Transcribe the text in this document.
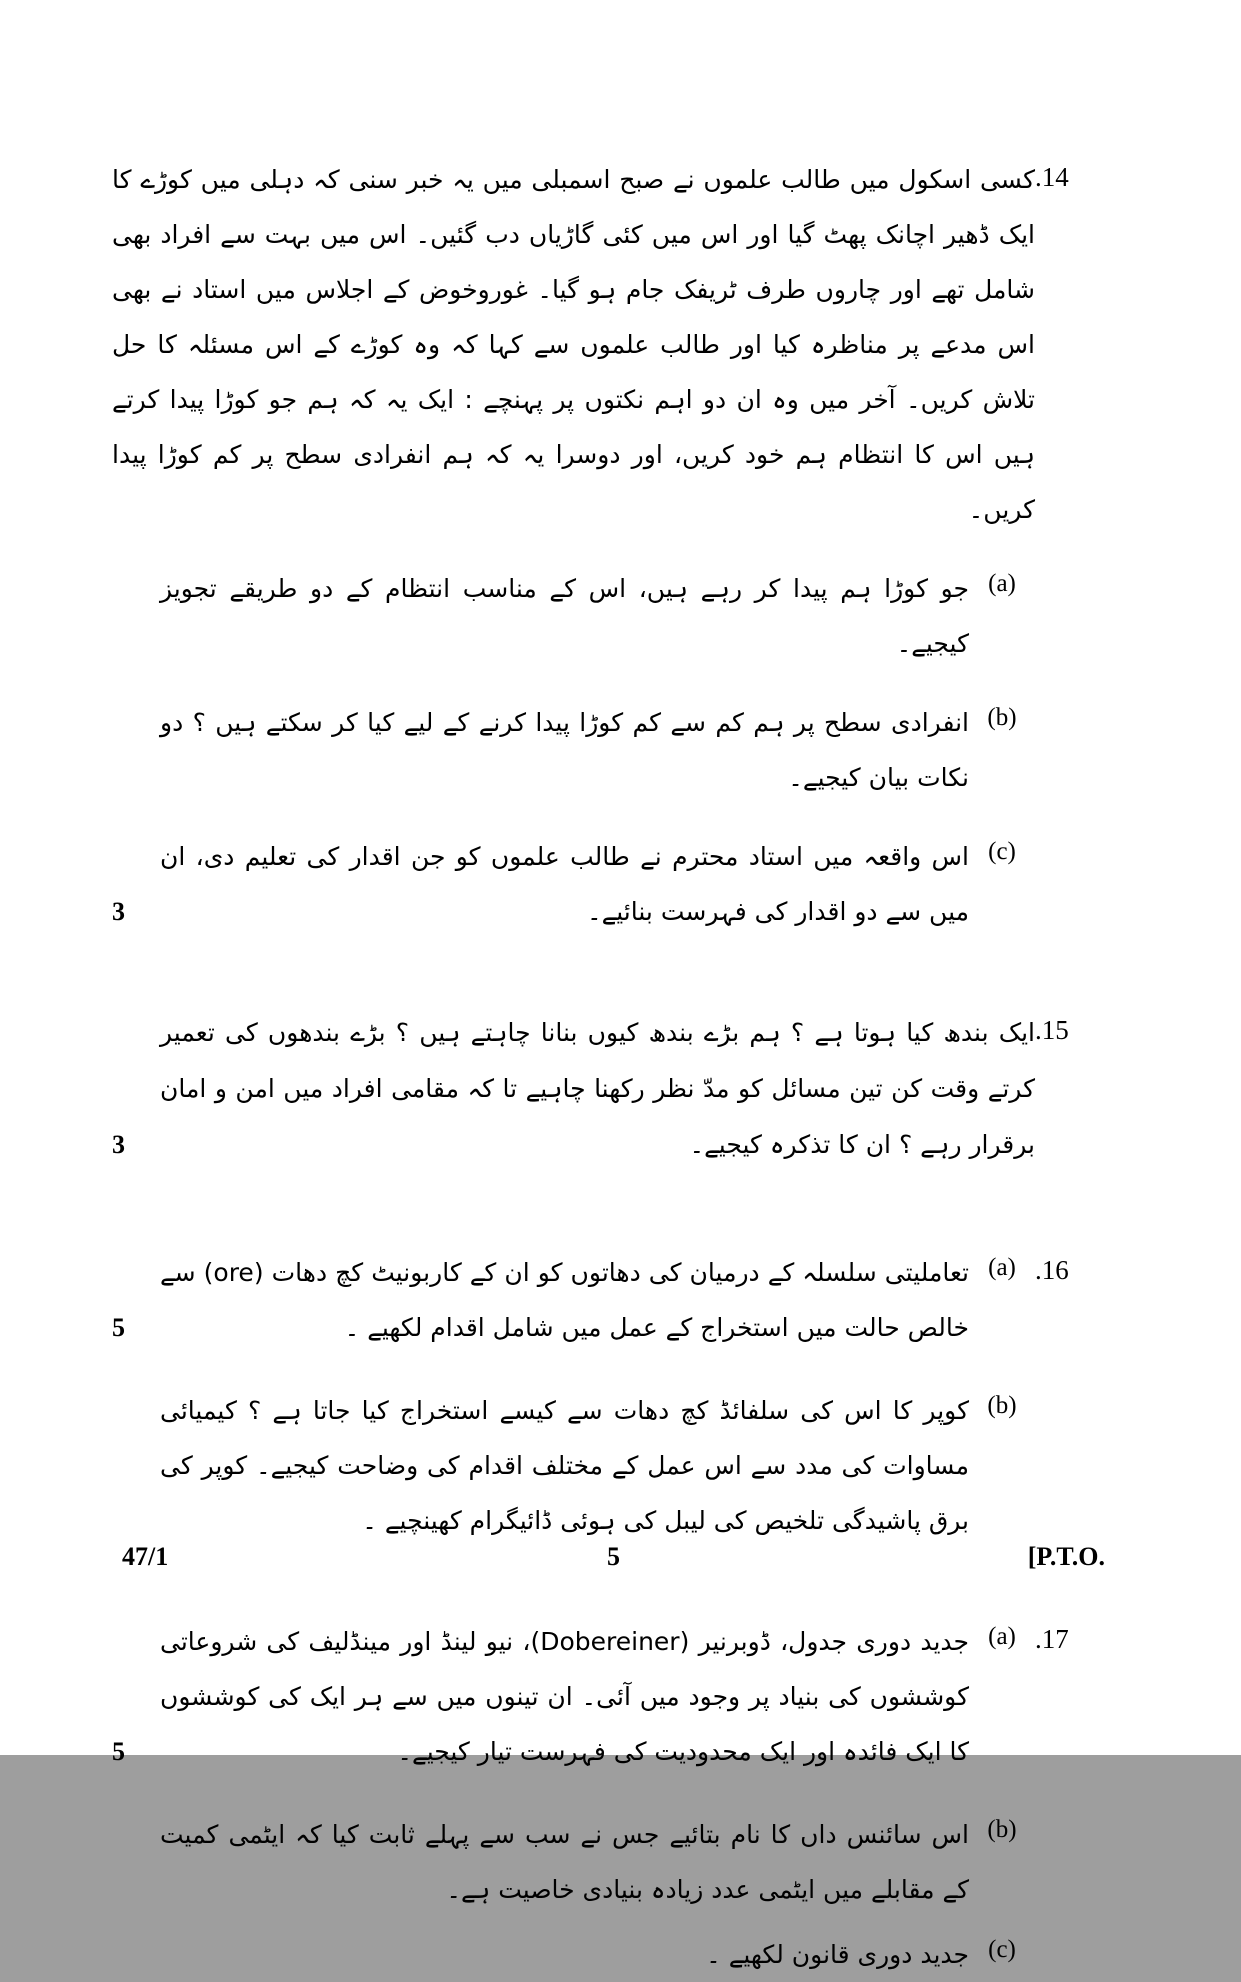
14.
کسی اسکول میں طالب علموں نے صبح اسمبلی میں یہ خبر سنی کہ دہلی میں کوڑے کا ایک ڈھیر اچانک پھٹ گیا اور اس میں کئی گاڑیاں دب گئیں۔ اس میں بہت سے افراد بھی شامل تھے اور چاروں طرف ٹریفک جام ہو گیا۔ غوروخوض کے اجلاس میں استاد نے بھی اس مدعے پر مناظرہ کیا اور طالب علموں سے کہا کہ وہ کوڑے کے اس مسئلہ کا حل تلاش کریں۔ آخر میں وہ ان دو اہم نکتوں پر پہنچے : ایک یہ کہ ہم جو کوڑا پیدا کرتے ہیں اس کا انتظام ہم خود کریں، اور دوسرا یہ کہ ہم انفرادی سطح پر کم کوڑا پیدا کریں۔
(a)
جو کوڑا ہم پیدا کر رہے ہیں، اس کے مناسب انتظام کے دو طریقے تجویز کیجیے۔
(b)
انفرادی سطح پر ہم کم سے کم کوڑا پیدا کرنے کے لیے کیا کر سکتے ہیں ؟ دو نکات بیان کیجیے۔
(c)
اس واقعہ میں استاد محترم نے طالب علموں کو جن اقدار کی تعلیم دی، ان میں سے دو اقدار کی فہرست بنائیے۔
3
15.
ایک بندھ کیا ہوتا ہے ؟ ہم بڑے بندھ کیوں بنانا چاہتے ہیں ؟ بڑے بندھوں کی تعمیر کرتے وقت کن تین مسائل کو مدّ نظر رکھنا چاہیے تا کہ مقامی افراد میں امن و امان برقرار رہے ؟ ان کا تذکرہ کیجیے۔
3
16.
(a)
تعاملیتی سلسلہ کے درمیان کی دھاتوں کو ان کے کاربونیٹ کچ دھات (ore) سے خالص حالت میں استخراج کے عمل میں شامل اقدام لکھیے ۔
5
(b)
کوپر کا اس کی سلفائڈ کچ دھات سے کیسے استخراج کیا جاتا ہے ؟ کیمیائی مساوات کی مدد سے اس عمل کے مختلف اقدام کی وضاحت کیجیے۔ کوپر کی برق پاشیدگی تلخیص کی لیبل کی ہوئی ڈائیگرام کھینچیے ۔
17.
(a)
جدید دوری جدول، ڈوبرنیر (Dobereiner)، نیو لینڈ اور مینڈلیف کی شروعاتی کوششوں کی بنیاد پر وجود میں آئی۔ ان تینوں میں سے ہر ایک کی کوششوں کا ایک فائدہ اور ایک محدودیت کی فہرست تیار کیجیے۔
5
(b)
اس سائنس داں کا نام بتائیے جس نے سب سے پہلے ثابت کیا کہ ایٹمی کمیت کے مقابلے میں ایٹمی عدد زیادہ بنیادی خاصیت ہے۔
(c)
جدید دوری قانون لکھیے ۔
47/1	5	[P.T.O.
